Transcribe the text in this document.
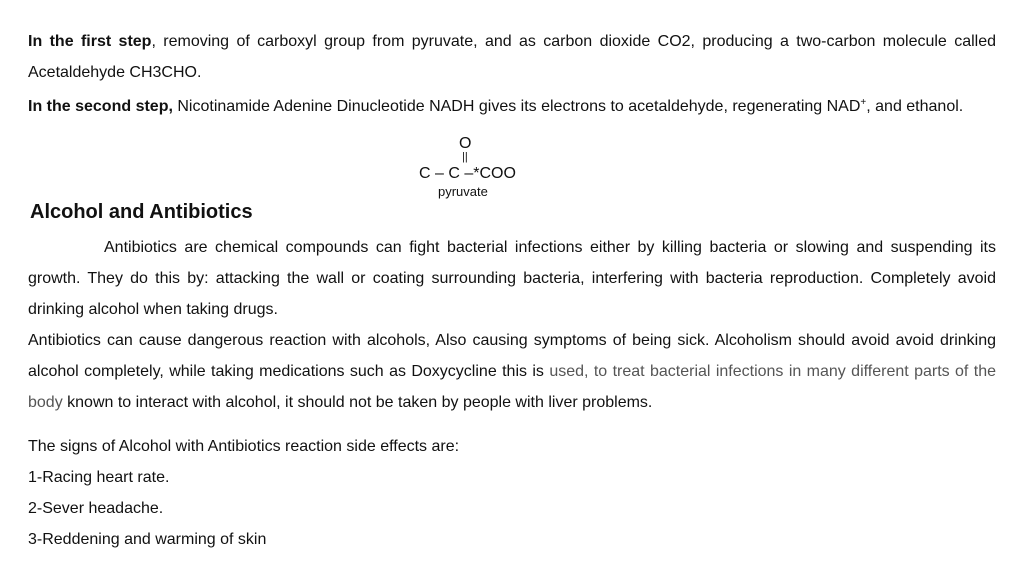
In the first step, removing of carboxyl group from pyruvate, and as carbon dioxide CO2, producing a two-carbon molecule called Acetaldehyde CH3CHO.

In the second step, Nicotinamide Adenine Dinucleotide NADH gives its electrons to acetaldehyde, regenerating NAD+, and ethanol.

O
||
C – C –*COO
pyruvate
Alcohol and Antibiotics

Antibiotics are chemical compounds can fight bacterial infections either by killing bacteria or slowing and suspending its growth. They do this by: attacking the wall or coating surrounding bacteria, interfering with bacteria reproduction. Completely avoid drinking alcohol when taking drugs.

Antibiotics can cause dangerous reaction with alcohols, Also causing symptoms of being sick. Alcoholism should avoid avoid drinking alcohol completely, while taking medications such as Doxycycline this is used, to treat bacterial infections in many different parts of the body known to interact with alcohol, it should not be taken by people with liver problems.

The signs of Alcohol with Antibiotics reaction side effects are:

1-Racing heart rate.

2-Sever headache.

3-Reddening and warming of skin
